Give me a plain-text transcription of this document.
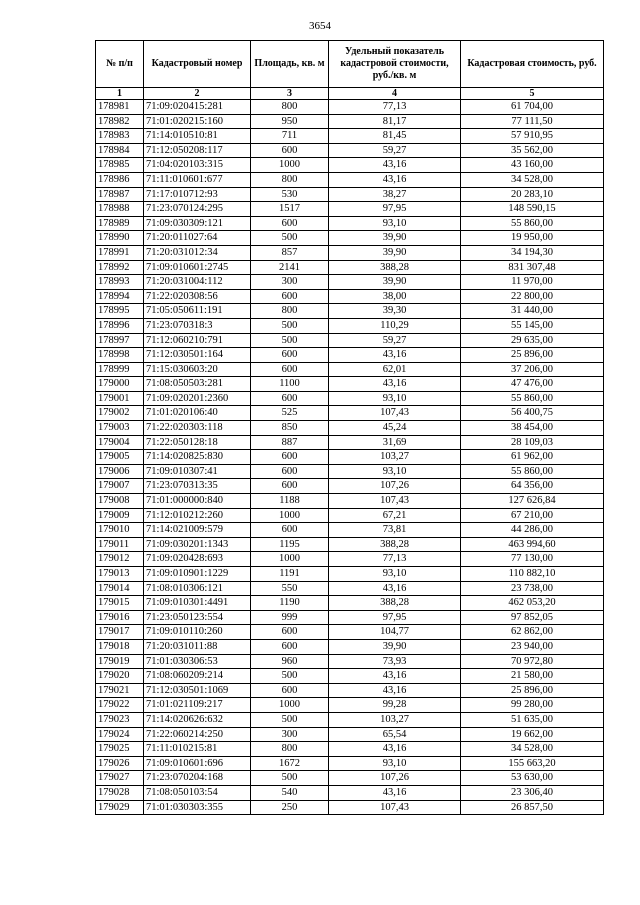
3654
№ п/п	Кадастровый номер	Площадь, кв. м	Удельный показатель кадастровой стоимости, руб./кв. м	Кадастровая стоимость, руб.
1	2	3	4	5
178981	71:09:020415:281	800	77,13	61 704,00
178982	71:01:020215:160	950	81,17	77 111,50
178983	71:14:010510:81	711	81,45	57 910,95
178984	71:12:050208:117	600	59,27	35 562,00
178985	71:04:020103:315	1000	43,16	43 160,00
178986	71:11:010601:677	800	43,16	34 528,00
178987	71:17:010712:93	530	38,27	20 283,10
178988	71:23:070124:295	1517	97,95	148 590,15
178989	71:09:030309:121	600	93,10	55 860,00
178990	71:20:011027:64	500	39,90	19 950,00
178991	71:20:031012:34	857	39,90	34 194,30
178992	71:09:010601:2745	2141	388,28	831 307,48
178993	71:20:031004:112	300	39,90	11 970,00
178994	71:22:020308:56	600	38,00	22 800,00
178995	71:05:050611:191	800	39,30	31 440,00
178996	71:23:070318:3	500	110,29	55 145,00
178997	71:12:060210:791	500	59,27	29 635,00
178998	71:12:030501:164	600	43,16	25 896,00
178999	71:15:030603:20	600	62,01	37 206,00
179000	71:08:050503:281	1100	43,16	47 476,00
179001	71:09:020201:2360	600	93,10	55 860,00
179002	71:01:020106:40	525	107,43	56 400,75
179003	71:22:020303:118	850	45,24	38 454,00
179004	71:22:050128:18	887	31,69	28 109,03
179005	71:14:020825:830	600	103,27	61 962,00
179006	71:09:010307:41	600	93,10	55 860,00
179007	71:23:070313:35	600	107,26	64 356,00
179008	71:01:000000:840	1188	107,43	127 626,84
179009	71:12:010212:260	1000	67,21	67 210,00
179010	71:14:021009:579	600	73,81	44 286,00
179011	71:09:030201:1343	1195	388,28	463 994,60
179012	71:09:020428:693	1000	77,13	77 130,00
179013	71:09:010901:1229	1191	93,10	110 882,10
179014	71:08:010306:121	550	43,16	23 738,00
179015	71:09:010301:4491	1190	388,28	462 053,20
179016	71:23:050123:554	999	97,95	97 852,05
179017	71:09:010110:260	600	104,77	62 862,00
179018	71:20:031011:88	600	39,90	23 940,00
179019	71:01:030306:53	960	73,93	70 972,80
179020	71:08:060209:214	500	43,16	21 580,00
179021	71:12:030501:1069	600	43,16	25 896,00
179022	71:01:021109:217	1000	99,28	99 280,00
179023	71:14:020626:632	500	103,27	51 635,00
179024	71:22:060214:250	300	65,54	19 662,00
179025	71:11:010215:81	800	43,16	34 528,00
179026	71:09:010601:696	1672	93,10	155 663,20
179027	71:23:070204:168	500	107,26	53 630,00
179028	71:08:050103:54	540	43,16	23 306,40
179029	71:01:030303:355	250	107,43	26 857,50
